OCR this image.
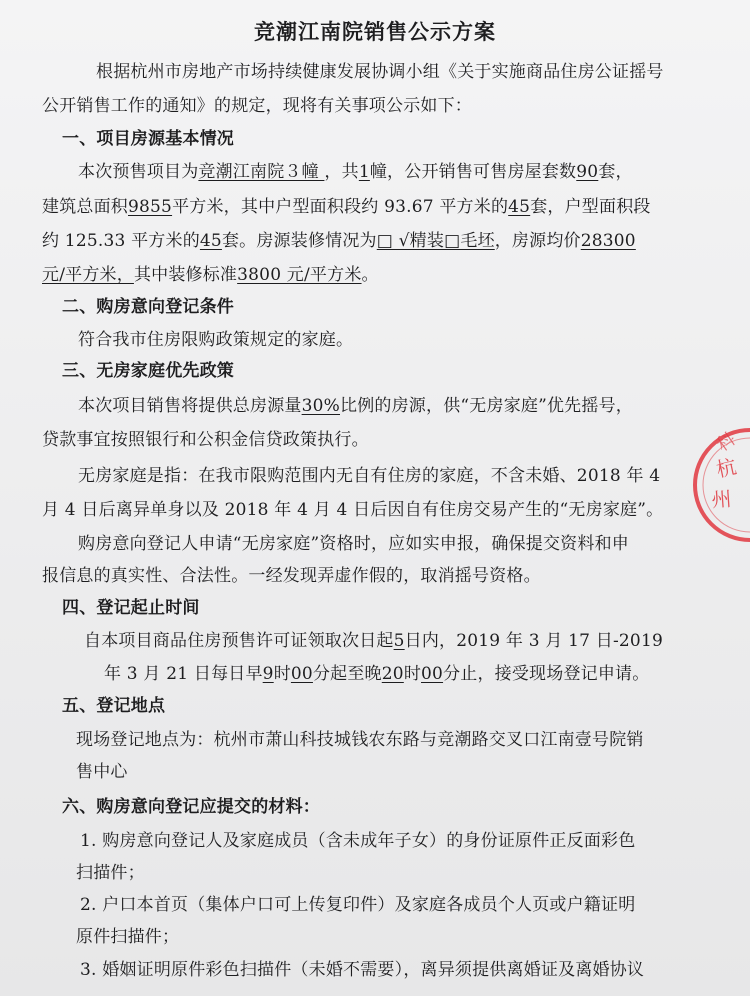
竞潮江南院销售公示方案
根据杭州市房地产市场持续健康发展协调小组《关于实施商品住房公证摇号
公开销售工作的通知》的规定，现将有关事项公示如下：
一、项目房源基本情况
本次预售项目为竞潮江南院３幢 ，共1幢，公开销售可售房屋套数90套，
建筑总面积9855平方米，其中户型面积段约 93.67 平方米的45套，户型面积段
约 125.33 平方米的45套。房源装修情况为□ √精装□毛坯，房源均价28300
元/平方米，其中装修标准3800 元/平方米。
二、购房意向登记条件
符合我市住房限购政策规定的家庭。
三、无房家庭优先政策
本次项目销售将提供总房源量30%比例的房源，供“无房家庭”优先摇号，
贷款事宜按照银行和公积金信贷政策执行。
无房家庭是指：在我市限购范围内无自有住房的家庭，不含未婚、2018 年 4
月 4 日后离异单身以及 2018 年 4 月 4 日后因自有住房交易产生的“无房家庭”。
购房意向登记人申请“无房家庭”资格时，应如实申报，确保提交资料和申
报信息的真实性、合法性。一经发现弄虚作假的，取消摇号资格。
四、登记起止时间
自本项目商品住房预售许可证领取次日起5日内，2019 年 3 月 17 日-2019
年 3 月 21 日每日早9时00分起至晚20时00分止，接受现场登记申请。
五、登记地点
现场登记地点为：杭州市萧山科技城钱农东路与竞潮路交叉口江南壹号院销
售中心
六、购房意向登记应提交的材料：
1. 购房意向登记人及家庭成员（含未成年子女）的身份证原件正反面彩色
扫描件；
2. 户口本首页（集体户口可上传复印件）及家庭各成员个人页或户籍证明
原件扫描件；
3. 婚姻证明原件彩色扫描件（未婚不需要），离异须提供离婚证及离婚协议
杭
州
科
